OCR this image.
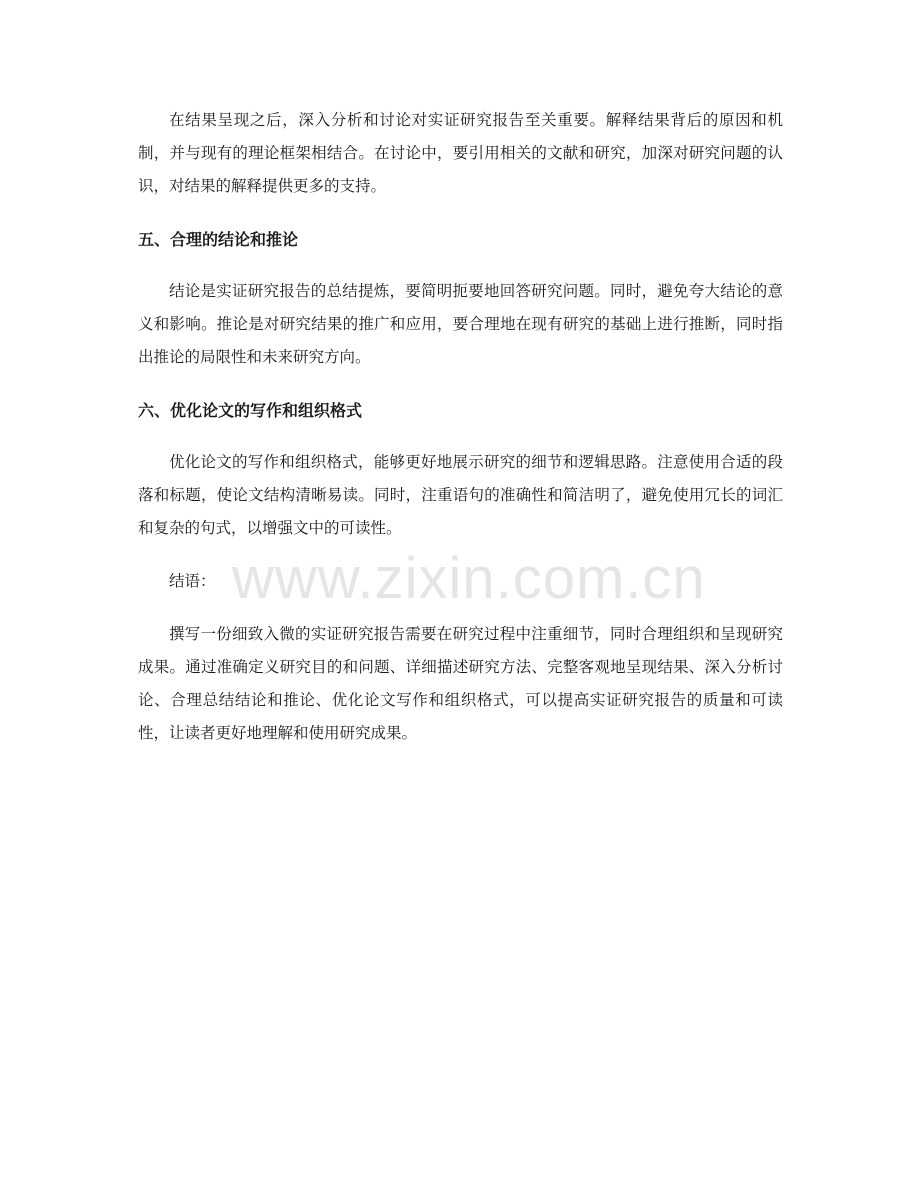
在结果呈现之后，深入分析和讨论对实证研究报告至关重要。解释结果背后的原因和机制，并与现有的理论框架相结合。在讨论中，要引用相关的文献和研究，加深对研究问题的认识，对结果的解释提供更多的支持。

五、合理的结论和推论

结论是实证研究报告的总结提炼，要简明扼要地回答研究问题。同时，避免夸大结论的意义和影响。推论是对研究结果的推广和应用，要合理地在现有研究的基础上进行推断，同时指出推论的局限性和未来研究方向。

六、优化论文的写作和组织格式

优化论文的写作和组织格式，能够更好地展示研究的细节和逻辑思路。注意使用合适的段落和标题，使论文结构清晰易读。同时，注重语句的准确性和简洁明了，避免使用冗长的词汇和复杂的句式，以增强文中的可读性。

结语：

撰写一份细致入微的实证研究报告需要在研究过程中注重细节，同时合理组织和呈现研究成果。通过准确定义研究目的和问题、详细描述研究方法、完整客观地呈现结果、深入分析讨论、合理总结结论和推论、优化论文写作和组织格式，可以提高实证研究报告的质量和可读性，让读者更好地理解和使用研究成果。

www.zixin.com.cn
